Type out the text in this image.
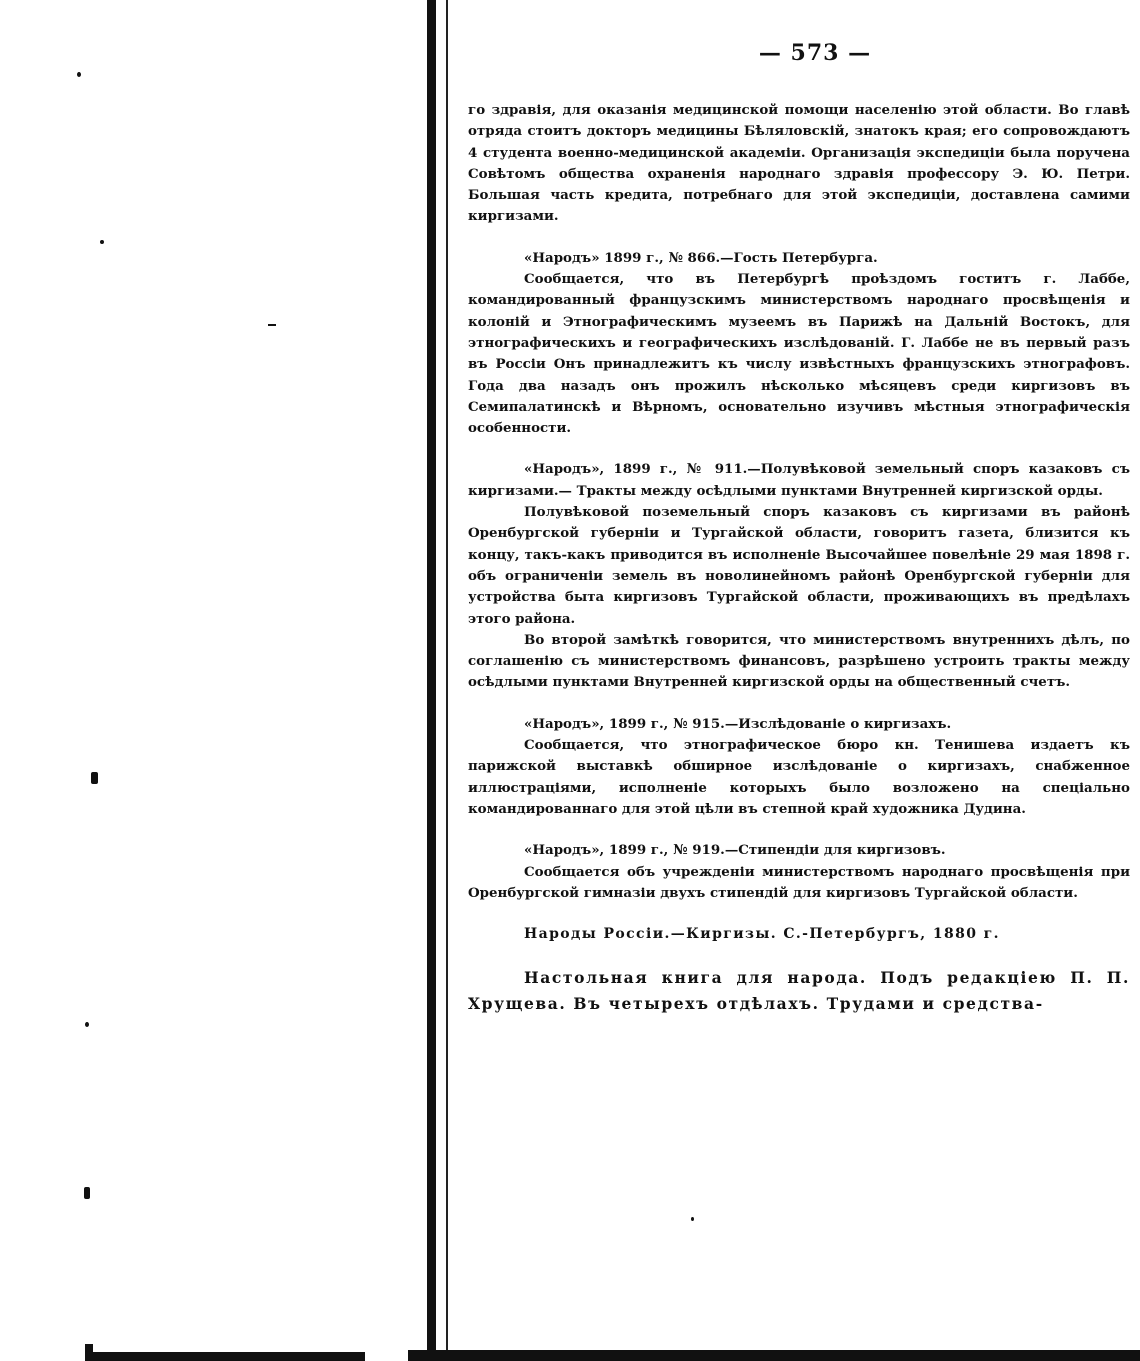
— 573 —

го здравія, для оказанія медицинской помощи населенію этой области. Во главѣ отряда стоитъ докторъ медицины Бѣляловскій, знатокъ края; его сопровождаютъ 4 студента военно-медицинской академіи. Организація экспедиціи была поручена Совѣтомъ общества охраненія народнаго здравія профессору Э. Ю. Петри. Большая часть кредита, потребнаго для этой экспедиціи, доставлена самими киргизами.

«Народъ» 1899 г., № 866.—Гость Петербурга.

Сообщается, что въ Петербургѣ проѣздомъ гоститъ г. Лаббе, командированный французскимъ министерствомъ народнаго просвѣщенія и колоній и Этнографическимъ музеемъ въ Парижѣ на Дальній Востокъ, для этнографическихъ и географическихъ изслѣдованій. Г. Лаббе не въ первый разъ въ Россіи Онъ принадлежитъ къ числу извѣстныхъ французскихъ этнографовъ. Года два назадъ онъ прожилъ нѣсколько мѣсяцевъ среди киргизовъ въ Семипалатинскѣ и Вѣрномъ, основательно изучивъ мѣстныя этнографическія особенности.

«Народъ», 1899 г., № 911.—Полувѣковой земельный споръ казаковъ съ киргизами.— Тракты между осѣдлыми пунктами Внутренней киргизской орды.

Полувѣковой поземельный споръ казаковъ съ киргизами въ районѣ Оренбургской губерніи и Тургайской области, говоритъ газета, близится къ концу, такъ-какъ приводится въ исполненіе Высочайшее повелѣніе 29 мая 1898 г. объ ограниченіи земель въ новолинейномъ районѣ Оренбургской губерніи для устройства быта киргизовъ Тургайской области, проживающихъ въ предѣлахъ этого района.

Во второй замѣткѣ говорится, что министерствомъ внутреннихъ дѣлъ, по соглашенію съ министерствомъ финансовъ, разрѣшено устроить тракты между осѣдлыми пунктами Внутренней киргизской орды на общественный счетъ.

«Народъ», 1899 г., № 915.—Изслѣдованіе о киргизахъ.

Сообщается, что этнографическое бюро кн. Тенишева издаетъ къ парижской выставкѣ обширное изслѣдованіе о киргизахъ, снабженное иллюстраціями, исполненіе которыхъ было возложено на спеціально командированнаго для этой цѣли въ степной край художника Дудина.

«Народъ», 1899 г., № 919.—Стипендіи для киргизовъ.

Сообщается объ учрежденіи министерствомъ народнаго просвѣщенія при Оренбургской гимназіи двухъ стипендій для киргизовъ Тургайской области.

Народы Россіи.—Киргизы. С.-Петербургъ, 1880 г.

Настольная книга для народа. Подъ редакціею П. П. Хрущева. Въ четырехъ отдѣлахъ. Трудами и средства-
